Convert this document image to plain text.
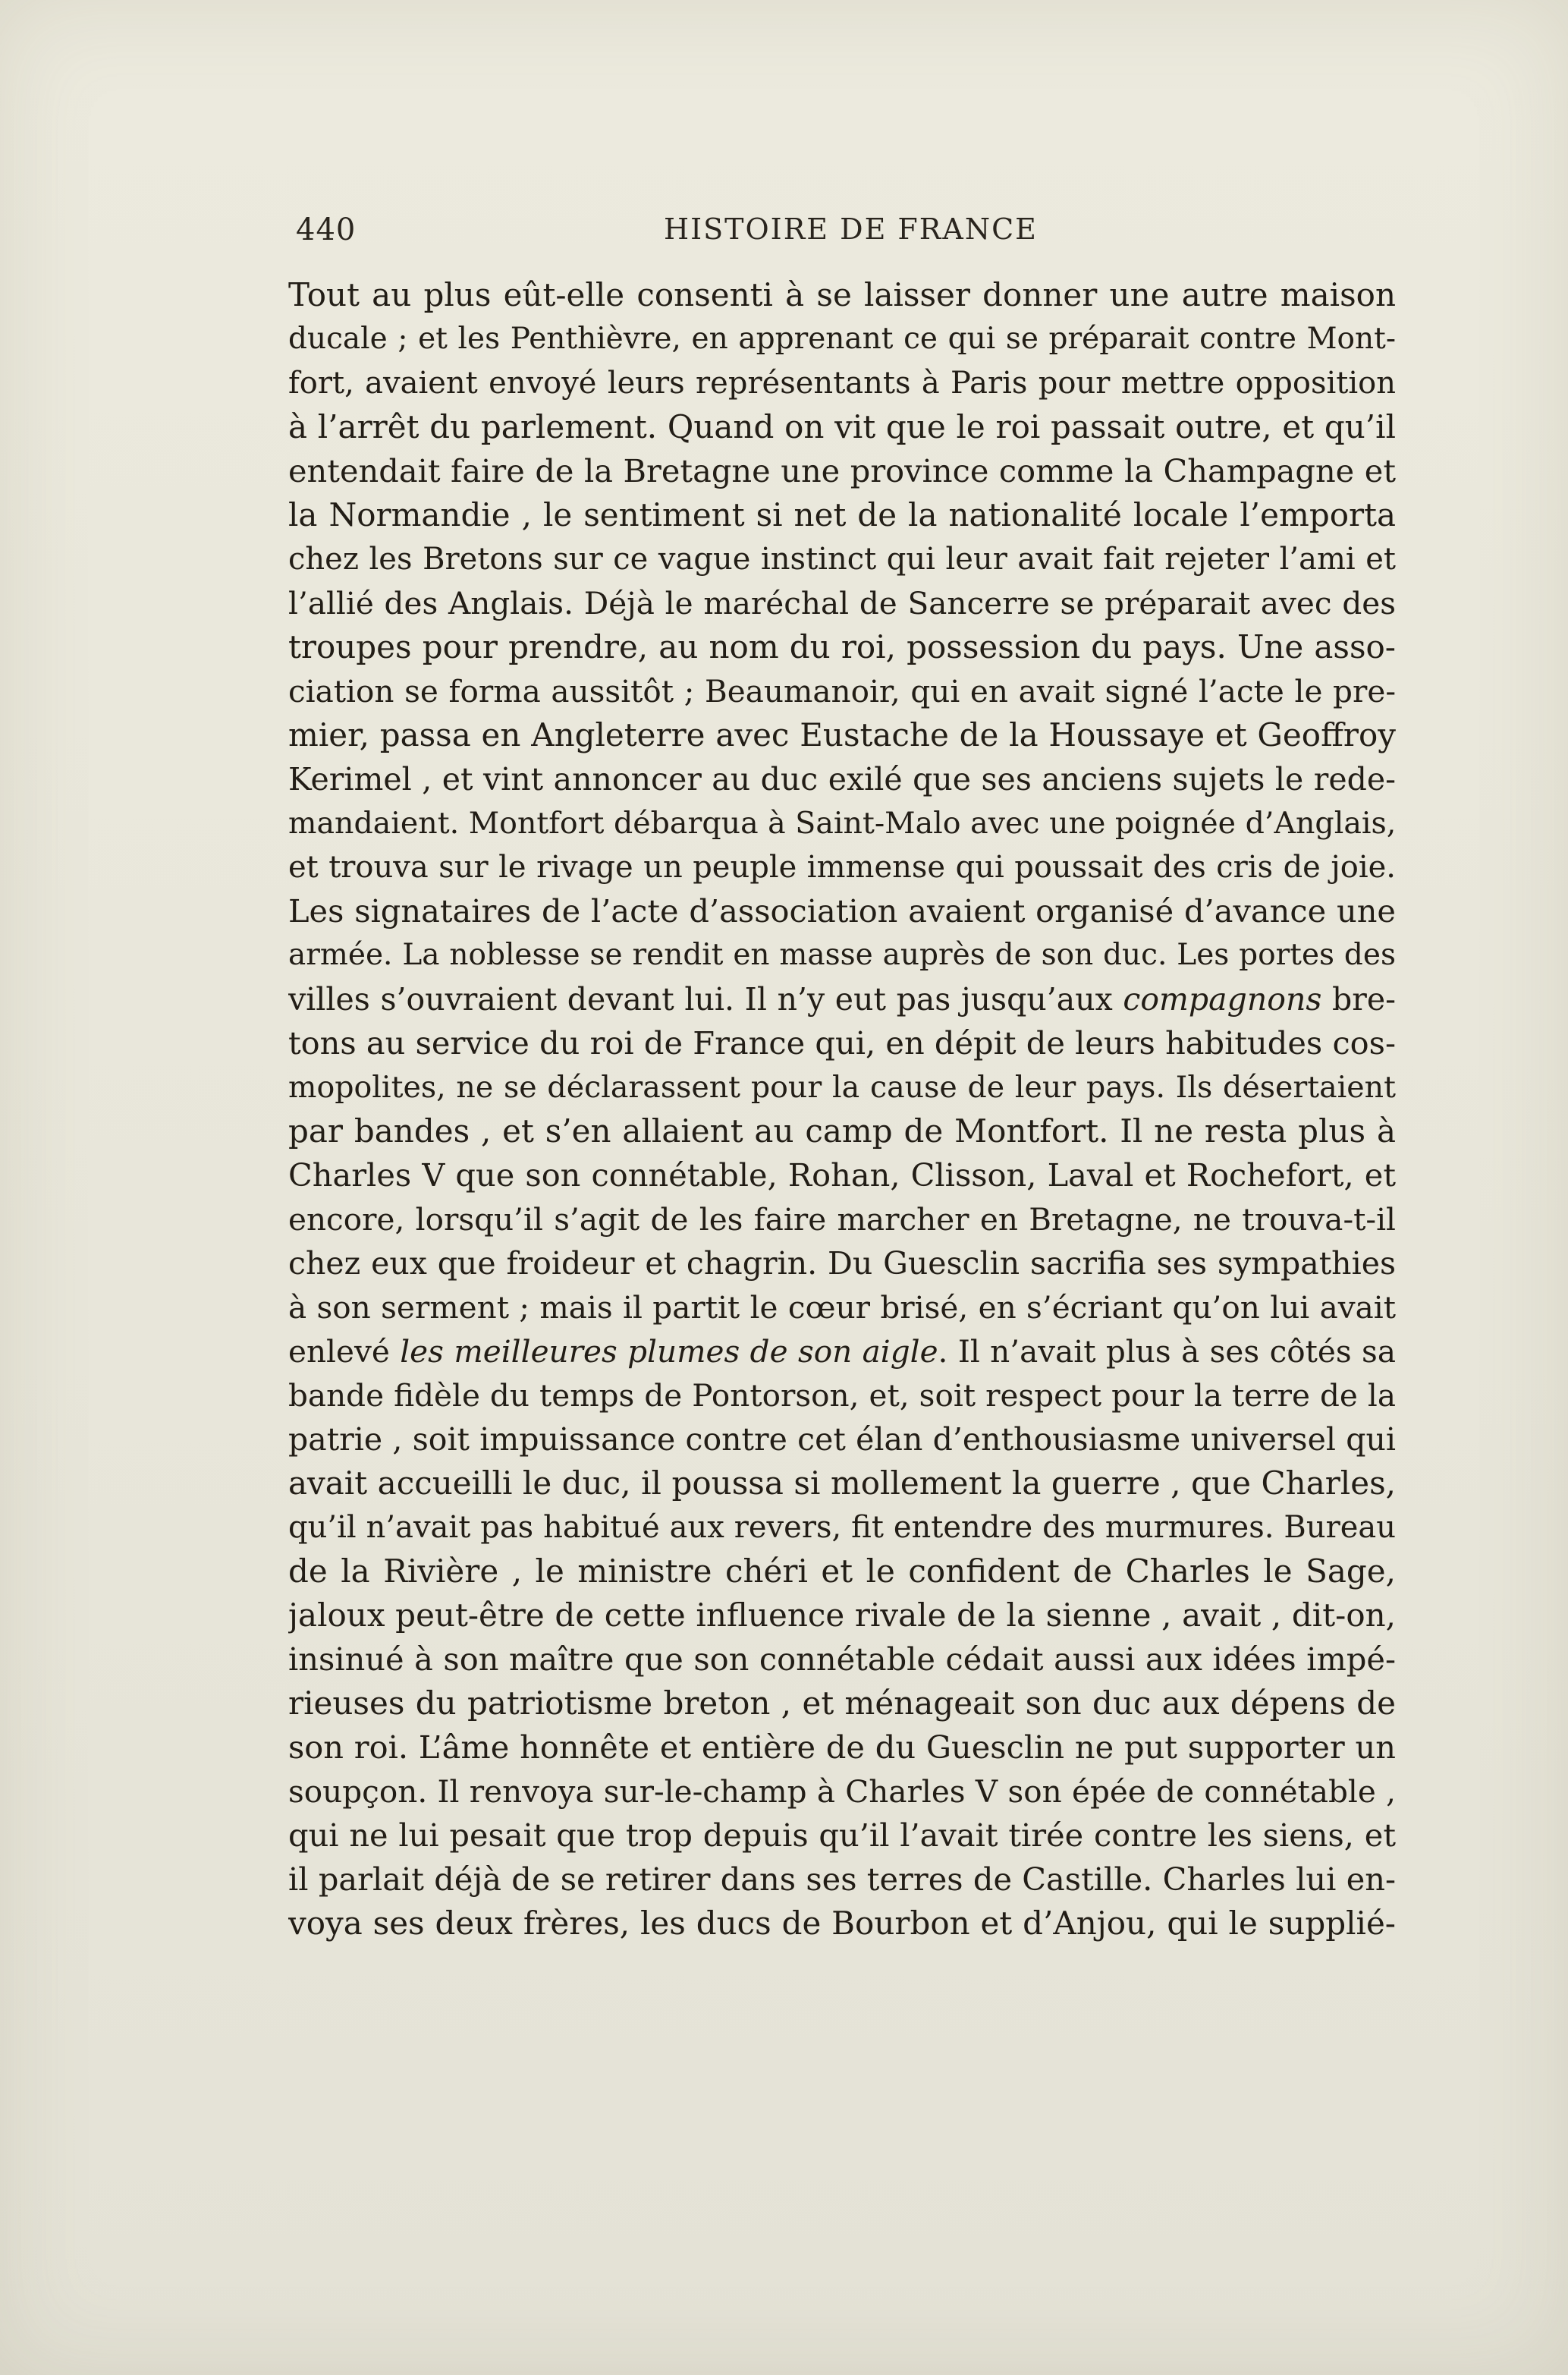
440	HISTOIRE DE FRANCE

Tout au plus eût-elle consenti à se laisser donner une autre maison

ducale ; et les Penthièvre, en apprenant ce qui se préparait contre Mont-

fort, avaient envoyé leurs représentants à Paris pour mettre opposition

à l’arrêt du parlement. Quand on vit que le roi passait outre, et qu’il

entendait faire de la Bretagne une province comme la Champagne et

la Normandie , le sentiment si net de la nationalité locale l’emporta

chez les Bretons sur ce vague instinct qui leur avait fait rejeter l’ami et

l’allié des Anglais. Déjà le maréchal de Sancerre se préparait avec des

troupes pour prendre, au nom du roi, possession du pays. Une asso-

ciation se forma aussitôt ; Beaumanoir, qui en avait signé l’acte le pre-

mier, passa en Angleterre avec Eustache de la Houssaye et Geoffroy

Kerimel , et vint annoncer au duc exilé que ses anciens sujets le rede-

mandaient. Montfort débarqua à Saint-Malo avec une poignée d’Anglais,

et trouva sur le rivage un peuple immense qui poussait des cris de joie.

Les signataires de l’acte d’association avaient organisé d’avance une

armée. La noblesse se rendit en masse auprès de son duc. Les portes des

villes s’ouvraient devant lui. Il n’y eut pas jusqu’aux compagnons bre-

tons au service du roi de France qui, en dépit de leurs habitudes cos-

mopolites, ne se déclarassent pour la cause de leur pays. Ils désertaient

par bandes , et s’en allaient au camp de Montfort. Il ne resta plus à

Charles V que son connétable, Rohan, Clisson, Laval et Rochefort, et

encore, lorsqu’il s’agit de les faire marcher en Bretagne, ne trouva-t-il

chez eux que froideur et chagrin. Du Guesclin sacrifia ses sympathies

à son serment ; mais il partit le cœur brisé, en s’écriant qu’on lui avait

enlevé les meilleures plumes de son aigle. Il n’avait plus à ses côtés sa

bande fidèle du temps de Pontorson, et, soit respect pour la terre de la

patrie , soit impuissance contre cet élan d’enthousiasme universel qui

avait accueilli le duc, il poussa si mollement la guerre , que Charles,

qu’il n’avait pas habitué aux revers, fit entendre des murmures. Bureau

de la Rivière , le ministre chéri et le confident de Charles le Sage,

jaloux peut-être de cette influence rivale de la sienne , avait , dit-on,

insinué à son maître que son connétable cédait aussi aux idées impé-

rieuses du patriotisme breton , et ménageait son duc aux dépens de

son roi. L’âme honnête et entière de du Guesclin ne put supporter un

soupçon. Il renvoya sur-le-champ à Charles V son épée de connétable ,

qui ne lui pesait que trop depuis qu’il l’avait tirée contre les siens, et

il parlait déjà de se retirer dans ses terres de Castille. Charles lui en-

voya ses deux frères, les ducs de Bourbon et d’Anjou, qui le supplié-
